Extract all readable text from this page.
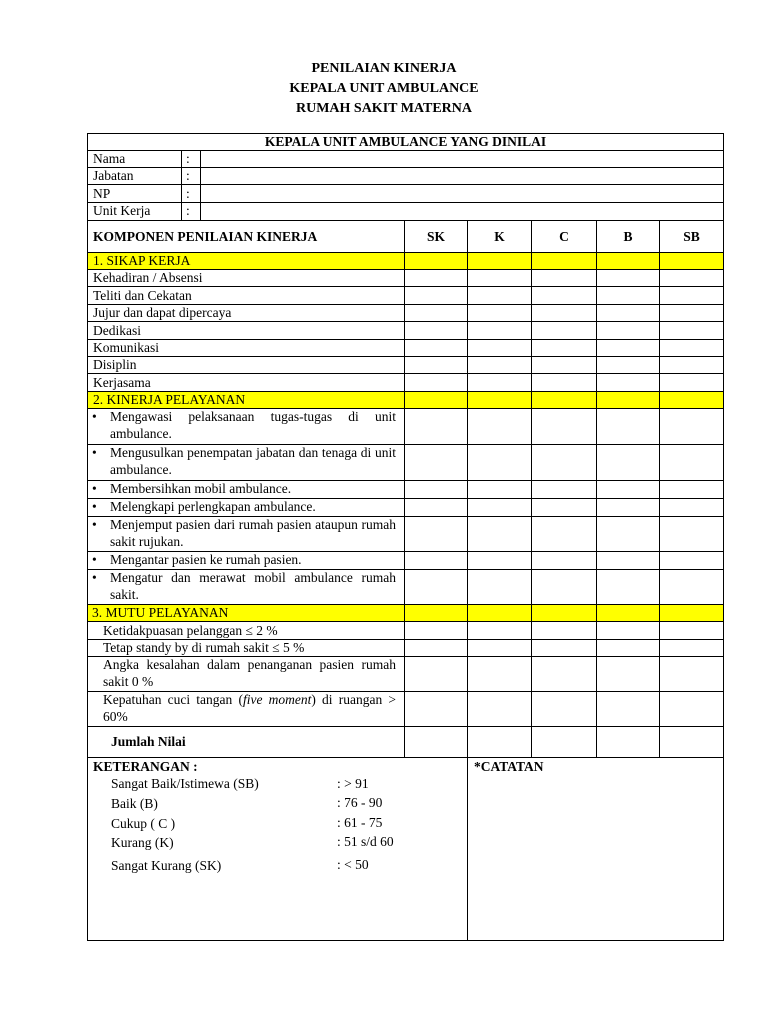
PENILAIAN KINERJA
KEPALA UNIT AMBULANCE
RUMAH SAKIT MATERNA
KEPALA UNIT AMBULANCE YANG DINILAI
Nama	:
Jabatan	:
NP	:
Unit Kerja	:
KOMPONEN PENILAIAN KINERJA	SK	K	C	B	SB
1. SIKAP KERJA
Kehadiran / Absensi
Teliti dan Cekatan
Jujur dan dapat dipercaya
Dedikasi
Komunikasi
Disiplin
Kerjasama
2. KINERJA PELAYANAN
• Mengawasi pelaksanaan tugas-tugas di unit ambulance.
• Mengusulkan penempatan jabatan dan tenaga di unit ambulance.
• Membersihkan mobil ambulance.
• Melengkapi perlengkapan ambulance.
• Menjemput pasien dari rumah pasien ataupun rumah sakit rujukan.
• Mengantar pasien ke rumah pasien.
• Mengatur dan merawat mobil ambulance rumah sakit.
3. MUTU PELAYANAN
Ketidakpuasan pelanggan ≤ 2 %
Tetap standy by di rumah sakit ≤ 5 %
Angka kesalahan dalam penanganan pasien rumah sakit 0 %
Kepatuhan cuci tangan (five moment) di ruangan > 60%
Jumlah Nilai
KETERANGAN :
Sangat Baik/Istimewa (SB)	: > 91
Baik (B)	: 76 - 90
Cukup ( C )	: 61 - 75
Kurang (K)	: 51 s/d 60
Sangat Kurang (SK)	: < 50
*CATATAN
